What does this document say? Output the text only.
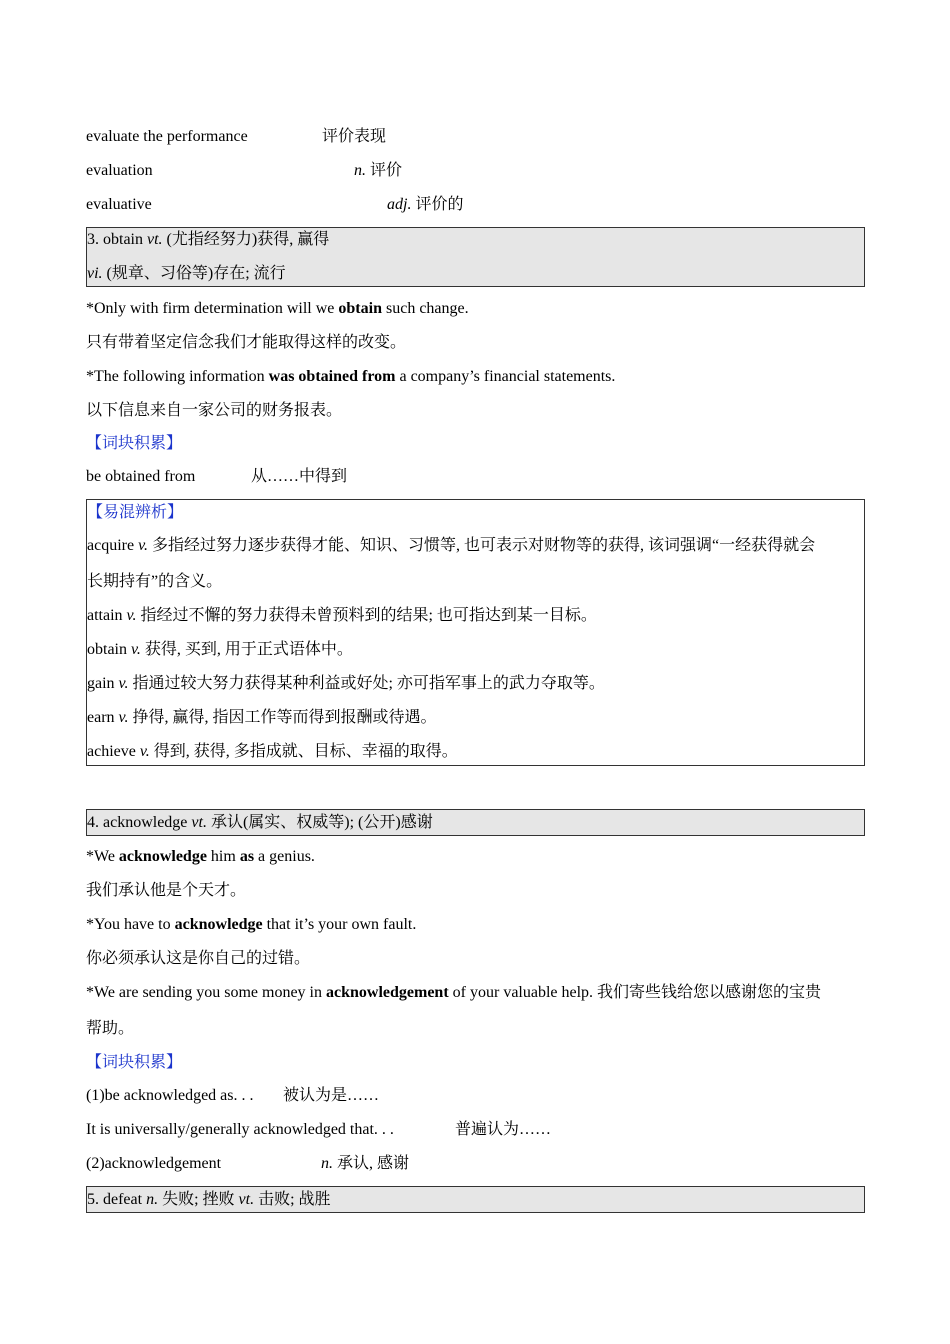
evaluate the performance	评价表现
evaluation	n. 评价
evaluative	adj. 评价的
3. obtain vt. (尤指经努力)获得, 赢得
vi. (规章、习俗等)存在; 流行
*Only with firm determination will we obtain such change.
只有带着坚定信念我们才能取得这样的改变。
*The following information was obtained from a company’s financial statements.
以下信息来自一家公司的财务报表。
【词块积累】
be obtained from	从……中得到
【易混辨析】
acquire v. 多指经过努力逐步获得才能、知识、习惯等, 也可表示对财物等的获得, 该词强调“一经获得就会
长期持有”的含义。
attain v. 指经过不懈的努力获得未曾预料到的结果; 也可指达到某一目标。
obtain v. 获得, 买到, 用于正式语体中。
gain v. 指通过较大努力获得某种利益或好处; 亦可指军事上的武力夺取等。
earn v. 挣得, 赢得, 指因工作等而得到报酬或待遇。
achieve v. 得到, 获得, 多指成就、目标、幸福的取得。
4. acknowledge vt. 承认(属实、权威等); (公开)感谢
*We acknowledge him as a genius.
我们承认他是个天才。
*You have to acknowledge that it’s your own fault.
你必须承认这是你自己的过错。
*We are sending you some money in acknowledgement of your valuable help. 我们寄些钱给您以感谢您的宝贵
帮助。
【词块积累】
(1)be acknowledged as. . . 被认为是……
It is universally/generally acknowledged that. . .	普遍认为……
(2)acknowledgement	n. 承认, 感谢
5. defeat n. 失败; 挫败 vt. 击败; 战胜
